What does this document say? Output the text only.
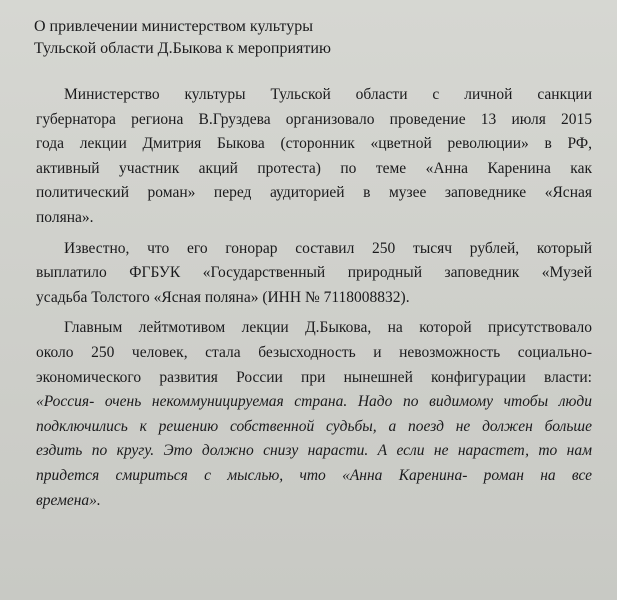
О привлечении министерством культуры
Тульской области Д.Быкова к мероприятию

Министерство культуры Тульской области с личной санкции

губернатора региона В.Груздева организовало проведение 13 июля 2015

года лекции Дмитрия Быкова (сторонник «цветной революции» в РФ,

активный участник акций протеста) по теме «Анна Каренина как

политический роман» перед аудиторией в музее заповеднике «Ясная

поляна».

Известно, что его гонорар составил 250 тысяч рублей, который

выплатило ФГБУК «Государственный природный заповедник «Музей

усадьба Толстого «Ясная поляна» (ИНН № 7118008832).

Главным лейтмотивом лекции Д.Быкова, на которой присутствовало

около 250 человек, стала безысходность и невозможность социально-

экономического развития России при нынешней конфигурации власти:

«Россия- очень некоммуницируемая страна. Надо по видимому чтобы люди

подключились к решению собственной судьбы, а поезд не должен больше

ездить по кругу. Это должно снизу нарасти. А если не нарастет, то нам

придется смириться с мыслью, что «Анна Каренина- роман на все

времена».
